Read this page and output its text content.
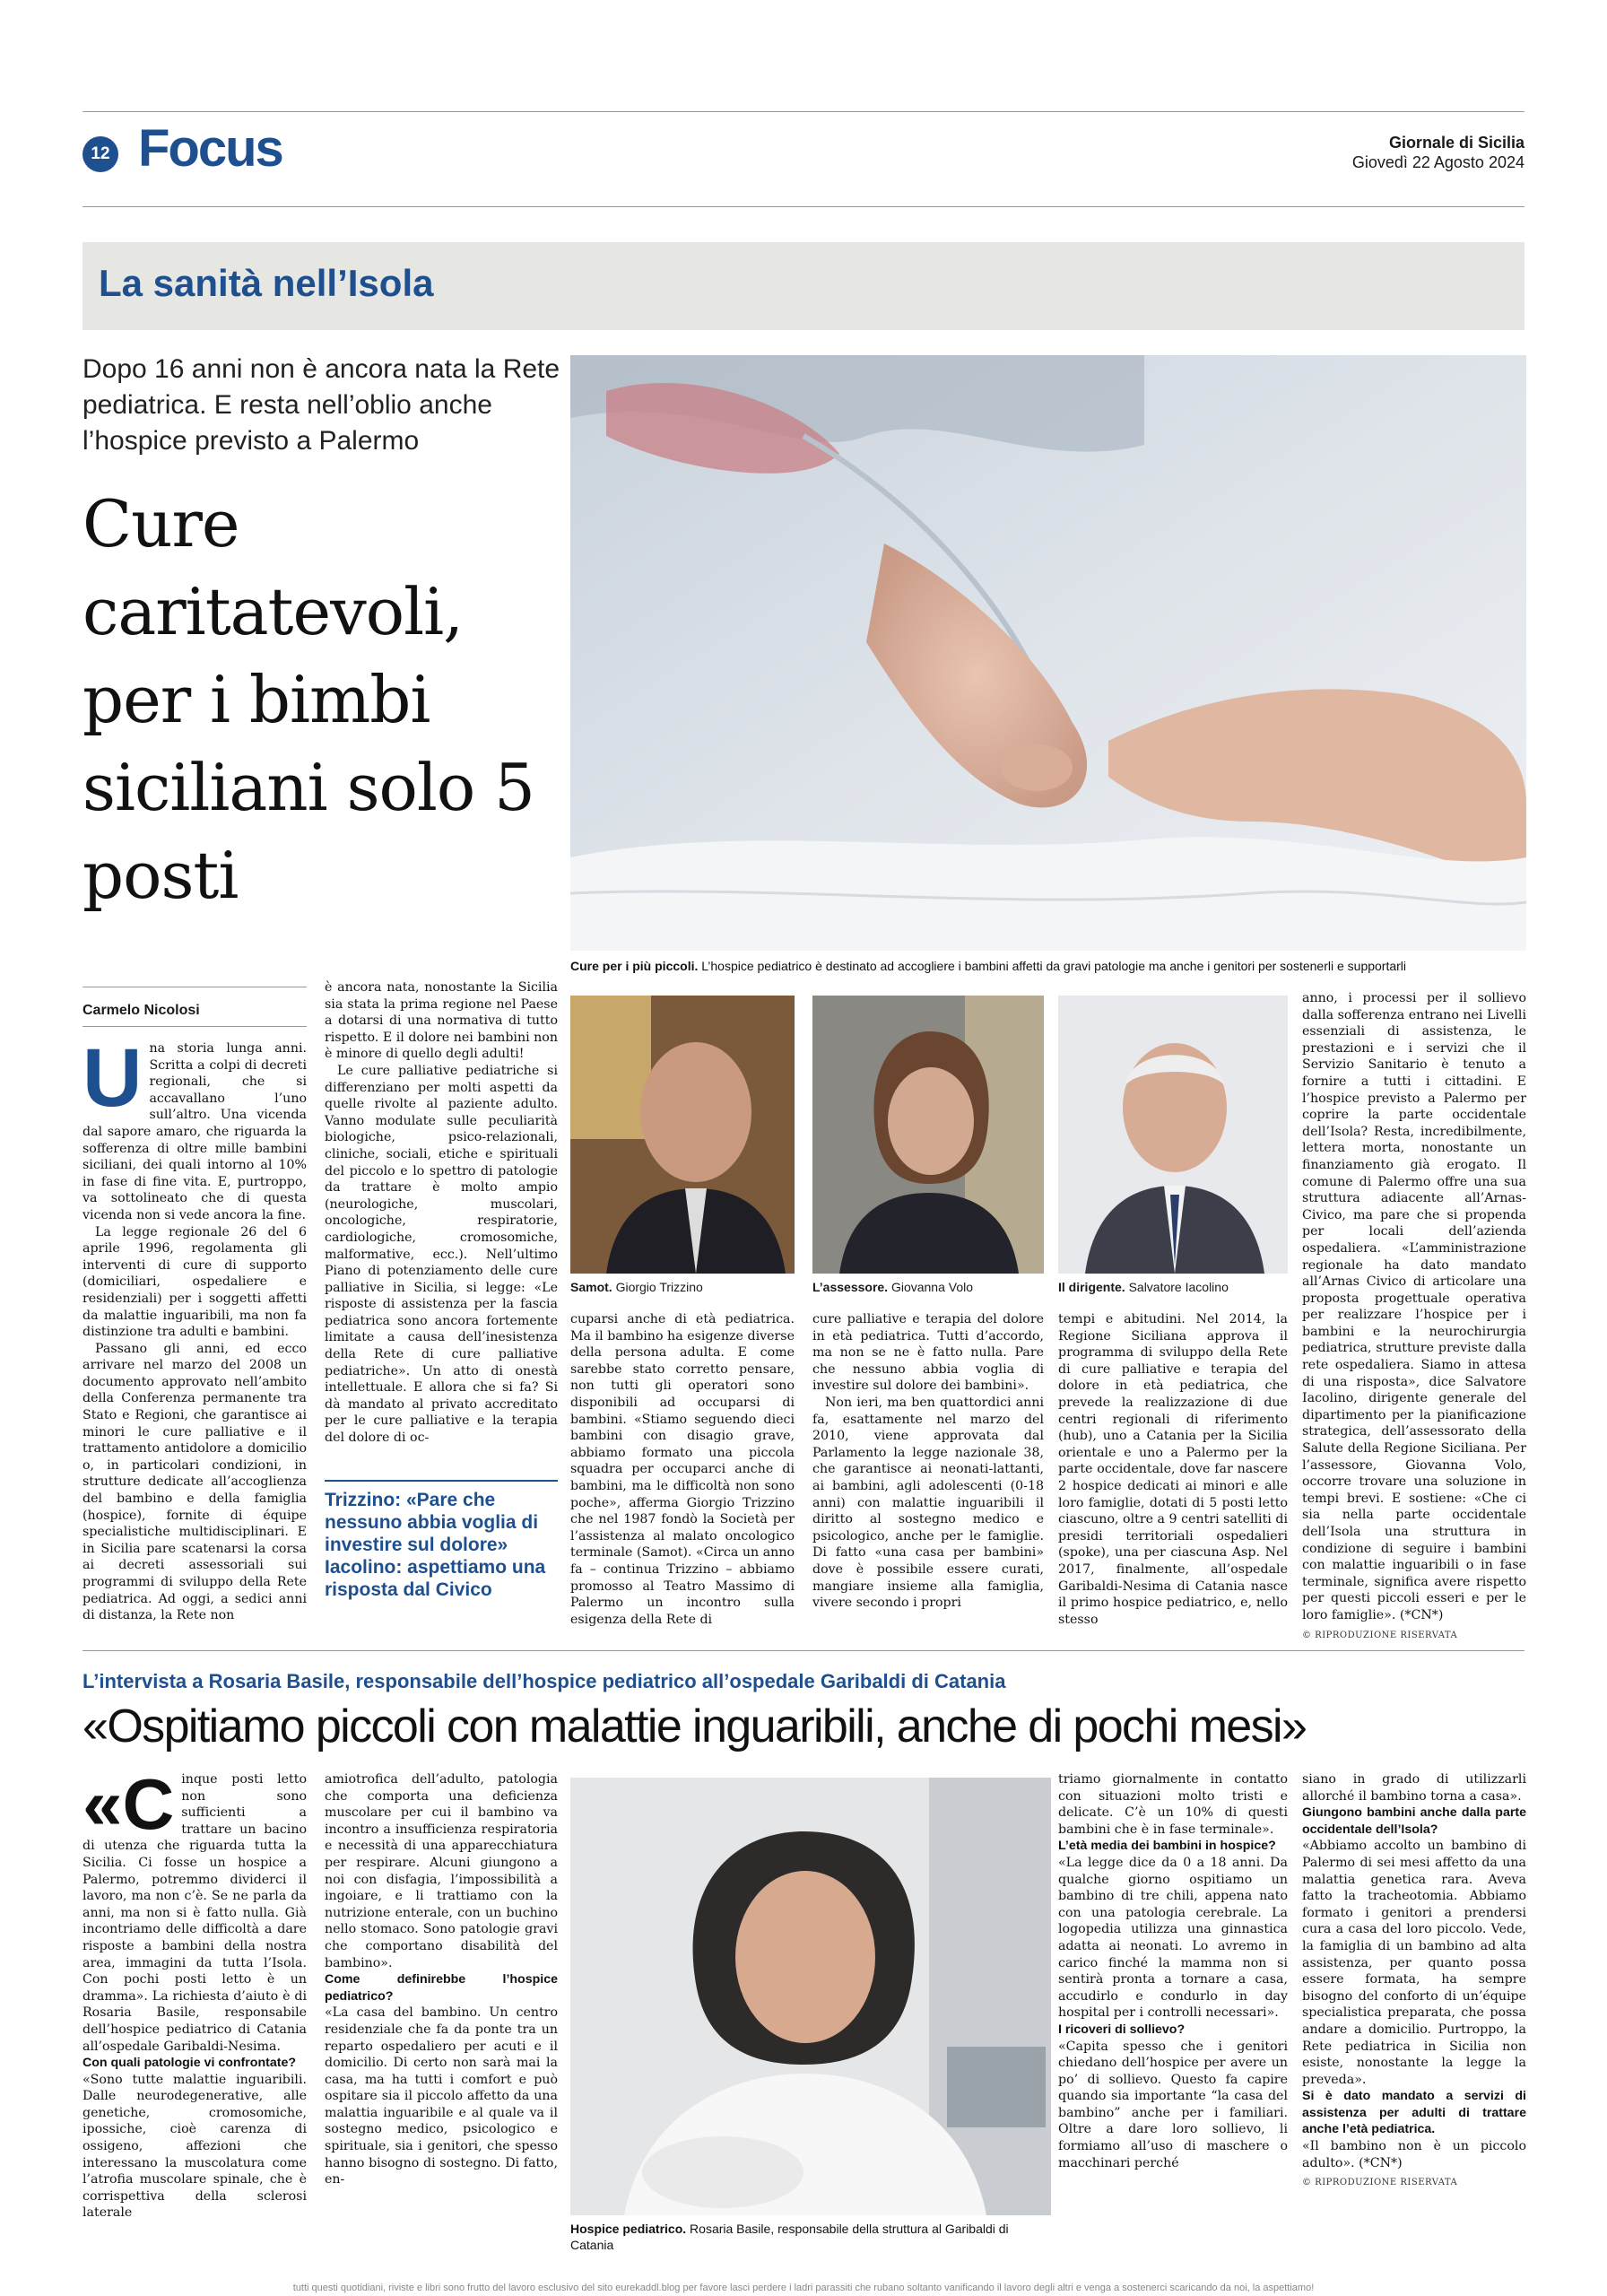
12 Focus	Giornale di Sicilia
Giovedì 22 Agosto 2024
La sanità nell’Isola
Dopo 16 anni non è ancora nata la Rete pediatrica. E resta nell’oblio anche l’hospice previsto a Palermo
Cure caritatevoli, per i bimbi siciliani solo 5 posti
Cure per i più piccoli. L’hospice pediatrico è destinato ad accogliere i bambini affetti da gravi patologie ma anche i genitori per sostenerli e supportarli
Carmelo Nicolosi
U na storia lunga anni. Scritta a colpi di decreti regionali, che si accavallano l’uno sull’altro. Una vicenda dal sapore amaro, che riguarda la sofferenza di oltre mille bambini siciliani, dei quali intorno al 10% in fase di fine vita. E, purtroppo, va sottolineato che di questa vicenda non si vede ancora la fine.

La legge regionale 26 del 6 aprile 1996, regolamenta gli interventi di cure di supporto (domiciliari, ospedaliere e residenziali) per i soggetti affetti da malattie inguaribili, ma non fa distinzione tra adulti e bambini.

Passano gli anni, ed ecco arrivare nel marzo del 2008 un documento approvato nell’ambito della Conferenza permanente tra Stato e Regioni, che garantisce ai minori le cure palliative e il trattamento antidolore a domicilio o, in particolari condizioni, in strutture dedicate all’accoglienza del bambino e della famiglia (hospice), fornite di équipe specialistiche multidisciplinari. E in Sicilia pare scatenarsi la corsa ai decreti assessoriali sui programmi di sviluppo della Rete pediatrica. Ad oggi, a sedici anni di distanza, la Rete non

è ancora nata, nonostante la Sicilia sia stata la prima regione nel Paese a dotarsi di una normativa di tutto rispetto. E il dolore nei bambini non è minore di quello degli adulti!

Le cure palliative pediatriche si differenziano per molti aspetti da quelle rivolte al paziente adulto. Vanno modulate sulle peculiarità biologiche, psico-relazionali, cliniche, sociali, etiche e spirituali del piccolo e lo spettro di patologie da trattare è molto ampio (neurologiche, muscolari, oncologiche, respiratorie, cardiologiche, cromosomiche, malformative, ecc.). Nell’ultimo Piano di potenziamento delle cure palliative in Sicilia, si legge: «Le risposte di assistenza per la fascia pediatrica sono ancora fortemente limitate a causa dell’inesistenza della Rete di cure palliative pediatriche». Un atto di onestà intellettuale. E allora che si fa? Si dà mandato al privato accreditato per le cure palliative e la terapia del dolore di oc-

Trizzino: «Pare che nessuno abbia voglia di investire sul dolore» Iacolino: aspettiamo una risposta dal Civico
Samot. Giorgio Trizzino	L’assessore. Giovanna Volo	Il dirigente. Salvatore Iacolino

cuparsi anche di età pediatrica. Ma il bambino ha esigenze diverse della persona adulta. E come sarebbe stato corretto pensare, non tutti gli operatori sono disponibili ad occuparsi di bambini. «Stiamo seguendo dieci bambini con disagio grave, abbiamo formato una piccola squadra per occuparci anche di bambini, ma le difficoltà non sono poche», afferma Giorgio Trizzino che nel 1987 fondò la Società per l’assistenza al malato oncologico terminale (Samot). «Circa un anno fa – continua Trizzino – abbiamo promosso al Teatro Massimo di Palermo un incontro sulla esigenza della Rete di

cure palliative e terapia del dolore in età pediatrica. Tutti d’accordo, ma non se ne è fatto nulla. Pare che nessuno abbia voglia di investire sul dolore dei bambini».

Non ieri, ma ben quattordici anni fa, esattamente nel marzo del 2010, viene approvata dal Parlamento la legge nazionale 38, che garantisce ai neonati-lattanti, ai bambini, agli adolescenti (0-18 anni) con malattie inguaribili il diritto al sostegno medico e psicologico, anche per le famiglie. Di fatto «una casa per bambini» dove è possibile essere curati, mangiare insieme alla famiglia, vivere secondo i propri

tempi e abitudini. Nel 2014, la Regione Siciliana approva il programma di sviluppo della Rete di cure palliative e terapia del dolore in età pediatrica, che prevede la realizzazione di due centri regionali di riferimento (hub), uno a Catania per la Sicilia orientale e uno a Palermo per la parte occidentale, dove far nascere 2 hospice dedicati ai minori e alle loro famiglie, dotati di 5 posti letto ciascuno, oltre a 9 centri satelliti di presidi territoriali ospedalieri (spoke), una per ciascuna Asp. Nel 2017, finalmente, all’ospedale Garibaldi-Nesima di Catania nasce il primo hospice pediatrico, e, nello stesso

anno, i processi per il sollievo dalla sofferenza entrano nei Livelli essenziali di assistenza, le prestazioni e i servizi che il Servizio Sanitario è tenuto a fornire a tutti i cittadini. E l’hospice previsto a Palermo per coprire la parte occidentale dell’Isola? Resta, incredibilmente, lettera morta, nonostante un finanziamento già erogato. Il comune di Palermo offre una sua struttura adiacente all’Arnas-Civico, ma pare che si propenda per locali dell’azienda ospedaliera. «L’amministrazione regionale ha dato mandato all’Arnas Civico di articolare una proposta progettuale operativa per realizzare l’hospice per i bambini e la neurochirurgia pediatrica, strutture previste dalla rete ospedaliera. Siamo in attesa di una risposta», dice Salvatore Iacolino, dirigente generale del dipartimento per la pianificazione strategica, dell’assessorato della Salute della Regione Siciliana. Per l’assessore, Giovanna Volo, occorre trovare una soluzione in tempi brevi. E sostiene: «Che ci sia nella parte occidentale dell’Isola una struttura in condizione di seguire i bambini con malattie inguaribili o in fase terminale, significa avere rispetto per questi piccoli esseri e per le loro famiglie». (*CN*)

© RIPRODUZIONE RISERVATA
L’intervista a Rosaria Basile, responsabile dell’hospice pediatrico all’ospedale Garibaldi di Catania
«Ospitiamo piccoli con malattie inguaribili, anche di pochi mesi»
«C inque posti letto non sono sufficienti a trattare un bacino di utenza che riguarda tutta la Sicilia. Ci fosse un hospice a Palermo, potremmo dividerci il lavoro, ma non c’è. Se ne parla da anni, ma non si è fatto nulla. Già incontriamo delle difficoltà a dare risposte a bambini della nostra area, immagini da tutta l’Isola. Con pochi posti letto è un dramma». La richiesta d’aiuto è di Rosaria Basile, responsabile dell’hospice pediatrico di Catania all’ospedale Garibaldi-Nesima.

Con quali patologie vi confrontate?

«Sono tutte malattie inguaribili. Dalle neurodegenerative, alle genetiche, cromosomiche, ipossiche, cioè carenza di ossigeno, affezioni che interessano la muscolatura come l’atrofia muscolare spinale, che è corrispettiva della sclerosi laterale

amiotrofica dell’adulto, patologia che comporta una deficienza muscolare per cui il bambino va incontro a insufficienza respiratoria e necessità di una apparecchiatura per respirare. Alcuni giungono a noi con disfagia, l’impossibilità a ingoiare, e li trattiamo con la nutrizione enterale, con un buchino nello stomaco. Sono patologie gravi che comportano disabilità del bambino».

Come definirebbe l’hospice pediatrico?

«La casa del bambino. Un centro residenziale che fa da ponte tra un reparto ospedaliero per acuti e il domicilio. Di certo non sarà mai la casa, ma ha tutti i comfort e può ospitare sia il piccolo affetto da una malattia inguaribile e al quale va il sostegno medico, psicologico e spirituale, sia i genitori, che spesso hanno bisogno di sostegno. Di fatto, en-

Hospice pediatrico. Rosaria Basile, responsabile della struttura al Garibaldi di Catania

triamo giornalmente in contatto con situazioni molto tristi e delicate. C’è un 10% di questi bambini che è in fase terminale».

L’età media dei bambini in hospice?

«La legge dice da 0 a 18 anni. Da qualche giorno ospitiamo un bambino di tre chili, appena nato con una patologia cerebrale. La logopedia utilizza una ginnastica adatta ai neonati. Lo avremo in carico finché la mamma non si sentirà pronta a tornare a casa, accudirlo e condurlo in day hospital per i controlli necessari».

I ricoveri di sollievo?

«Capita spesso che i genitori chiedano dell’hospice per avere un po’ di sollievo. Questo fa capire quando sia importante “la casa del bambino” anche per i familiari. Oltre a dare loro sollievo, li formiamo all’uso di maschere o macchinari perché

siano in grado di utilizzarli allorché il bambino torna a casa».

Giungono bambini anche dalla parte occidentale dell’Isola?

«Abbiamo accolto un bambino di Palermo di sei mesi affetto da una malattia genetica rara. Aveva fatto la tracheotomia. Abbiamo formato i genitori a prendersi cura a casa del loro piccolo. Vede, la famiglia di un bambino ad alta assistenza, per quanto possa essere formata, ha sempre bisogno del conforto di un’équipe specialistica preparata, che possa andare a domicilio. Purtroppo, la Rete pediatrica in Sicilia non esiste, nonostante la legge la preveda».

Si è dato mandato a servizi di assistenza per adulti di trattare anche l’età pediatrica.

«Il bambino non è un piccolo adulto». (*CN*)

© RIPRODUZIONE RISERVATA
tutti questi quotidiani, riviste e libri sono frutto del lavoro esclusivo del sito eurekaddl.blog per favore lasci perdere i ladri parassiti che rubano soltanto vanificando il lavoro degli altri e venga a sostenerci scaricando da noi, la aspettiamo!
